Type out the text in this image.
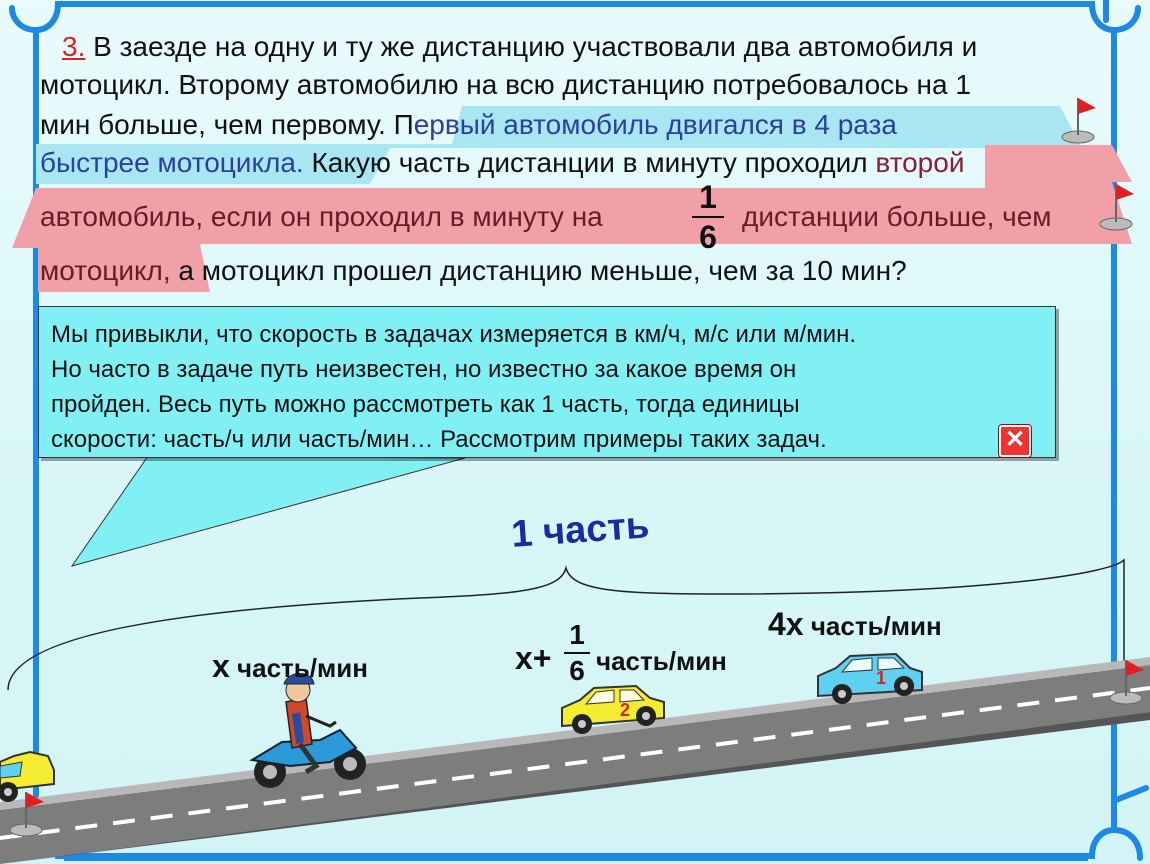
3. В заезде на одну и ту же дистанцию участвовали два автомобиля и
мотоцикл. Второму автомобилю на всю дистанцию потребовалось на 1
мин больше, чем первому. Первый автомобиль двигался в 4 раза
быстрее мотоцикла. Какую часть дистанции в минуту проходил второй
автомобиль, если он проходил в минуту на
1
6
дистанции больше, чем
мотоцикл, а мотоцикл прошел дистанцию меньше, чем за 10 мин?
Мы привыкли, что скорость в задачах измеряется в км/ч, м/с или м/мин.
Но часто в задаче путь неизвестен, но известно за какое время он
пройден. Весь путь можно рассмотреть как 1 часть, тогда единицы
скорости: часть/ч или часть/мин… Рассмотрим примеры таких задач.	✕
1 часть
x часть/мин	x+
1
6 часть/мин
4x часть/мин
1
2
